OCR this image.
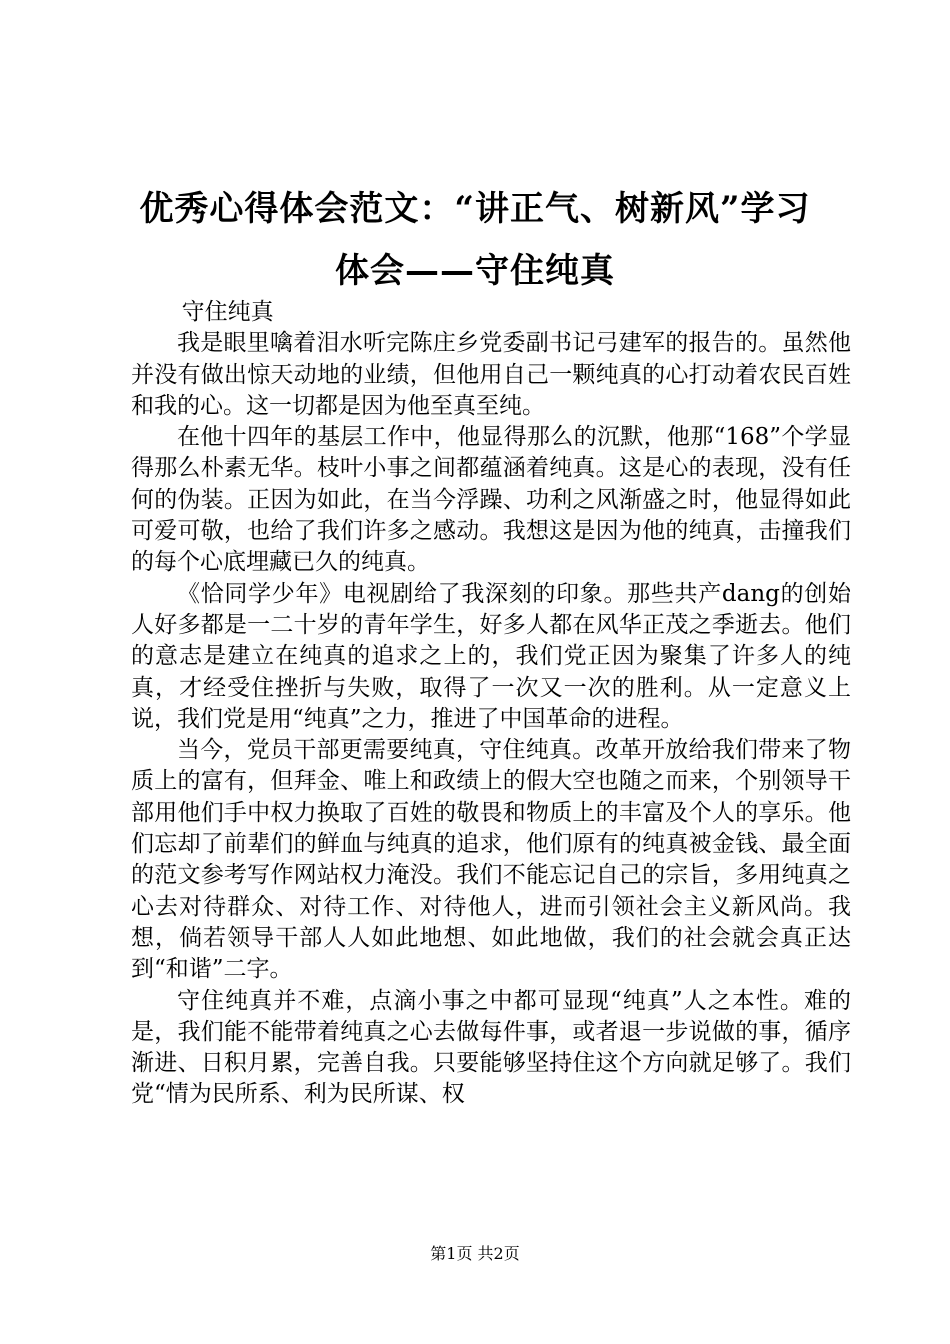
优秀心得体会范文：“讲正气、树新风”学习
体会——守住纯真

守住纯真

我是眼里噙着泪水听完陈庄乡党委副书记弓建军的报告的。虽然他并没有做出惊天动地的业绩，但他用自己一颗纯真的心打动着农民百姓和我的心。这一切都是因为他至真至纯。

在他十四年的基层工作中，他显得那么的沉默，他那“168”个学显得那么朴素无华。枝叶小事之间都蕴涵着纯真。这是心的表现，没有任何的伪装。正因为如此，在当今浮躁、功利之风渐盛之时，他显得如此可爱可敬，也给了我们许多之感动。我想这是因为他的纯真，击撞我们的每个心底埋藏已久的纯真。

《恰同学少年》电视剧给了我深刻的印象。那些共产dang的创始人好多都是一二十岁的青年学生，好多人都在风华正茂之季逝去。他们的意志是建立在纯真的追求之上的，我们党正因为聚集了许多人的纯真，才经受住挫折与失败，取得了一次又一次的胜利。从一定意义上说，我们党是用“纯真”之力，推进了中国革命的进程。

当今，党员干部更需要纯真，守住纯真。改革开放给我们带来了物质上的富有，但拜金、唯上和政绩上的假大空也随之而来，个别领导干部用他们手中权力换取了百姓的敬畏和物质上的丰富及个人的享乐。他们忘却了前辈们的鲜血与纯真的追求，他们原有的纯真被金钱、最全面的范文参考写作网站权力淹没。我们不能忘记自己的宗旨，多用纯真之心去对待群众、对待工作、对待他人，进而引领社会主义新风尚。我想，倘若领导干部人人如此地想、如此地做，我们的社会就会真正达到“和谐”二字。

守住纯真并不难，点滴小事之中都可显现“纯真”人之本性。难的是，我们能不能带着纯真之心去做每件事，或者退一步说做的事，循序渐进、日积月累，完善自我。只要能够坚持住这个方向就足够了。我们党“情为民所系、利为民所谋、权

第1页 共2页
